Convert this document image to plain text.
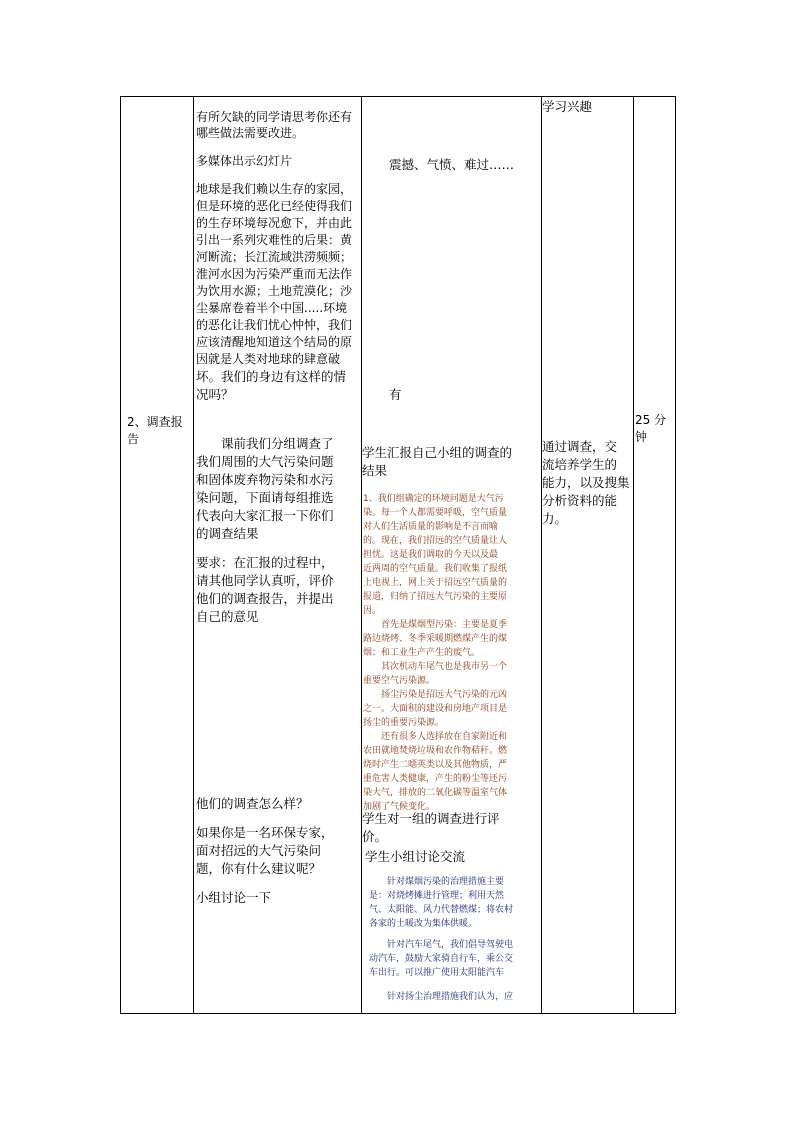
2、调查报
告
有所欠缺的同学请思考你还有
哪些做法需要改进。
多媒体出示幻灯片
地球是我们赖以生存的家园，
但是环境的恶化已经使得我们
的生存环境每况愈下，并由此
引出一系列灾难性的后果：黄
河断流；长江流域洪涝频频；
淮河水因为污染严重而无法作
为饮用水源；土地荒漠化；沙
尘暴席卷着半个中国.....环境
的恶化让我们忧心忡忡，我们
应该清醒地知道这个结局的原
因就是人类对地球的肆意破
坏。我们的身边有这样的情
况吗？
　　课前我们分组调查了
我们周围的大气污染问题
和固体废弃物污染和水污
染问题，下面请每组推选
代表向大家汇报一下你们
的调查结果
要求：在汇报的过程中，
请其他同学认真听，评价
他们的调查报告，并提出
自己的意见
他们的调查怎么样？
如果你是一名环保专家，
面对招远的大气污染问
题，你有什么建议呢？
小组讨论一下
震撼、气愤、难过……
有
学生汇报自己小组的调查的
结果
1、我们组确定的环境问题是大气污
染。每一个人都需要呼吸，空气质量
对人们生活质量的影响是不言而喻
的。现在，我们招远的空气质量让人
担忧。这是我们调取的今天以及最
近两周的空气质量。我们收集了报纸
上电视上，网上关于招远空气质量的
报道，归纳了招远大气污染的主要原
因。
　　首先是煤烟型污染：主要是夏季
路边烧烤、冬季采暖期燃煤产生的煤
烟；和工业生产产生的废气。
　　其次机动车尾气也是我市另一个
重要空气污染源。
　　扬尘污染是招远大气污染的元凶
之一。大面积的建设和房地产项目是
扬尘的重要污染源。
　　还有很多人选择放在自家附近和
农田就地焚烧垃圾和农作物秸秆。燃
烧时产生二噁英类以及其他物质，严
重危害人类健康，产生的粉尘等还污
染大气，排放的二氧化碳等温室气体
加剧了气候变化。
学生对一组的调查进行评
价。
学生小组讨论交流
　　针对煤烟污染的治理措施主要
是：对烧烤摊进行管理；利用天然
气、太阳能、风力代替燃煤；将农村
各家的土暖改为集体供暖。
　　针对汽车尾气，我们倡导驾驶电
动汽车，鼓励大家骑自行车，乘公交
车出行。可以推广使用太阳能汽车
　　针对扬尘治理措施我们认为，应
学习兴趣
通过调查，交
流培养学生的
能力，以及搜集
分析资料的能
力。
25 分
钟
